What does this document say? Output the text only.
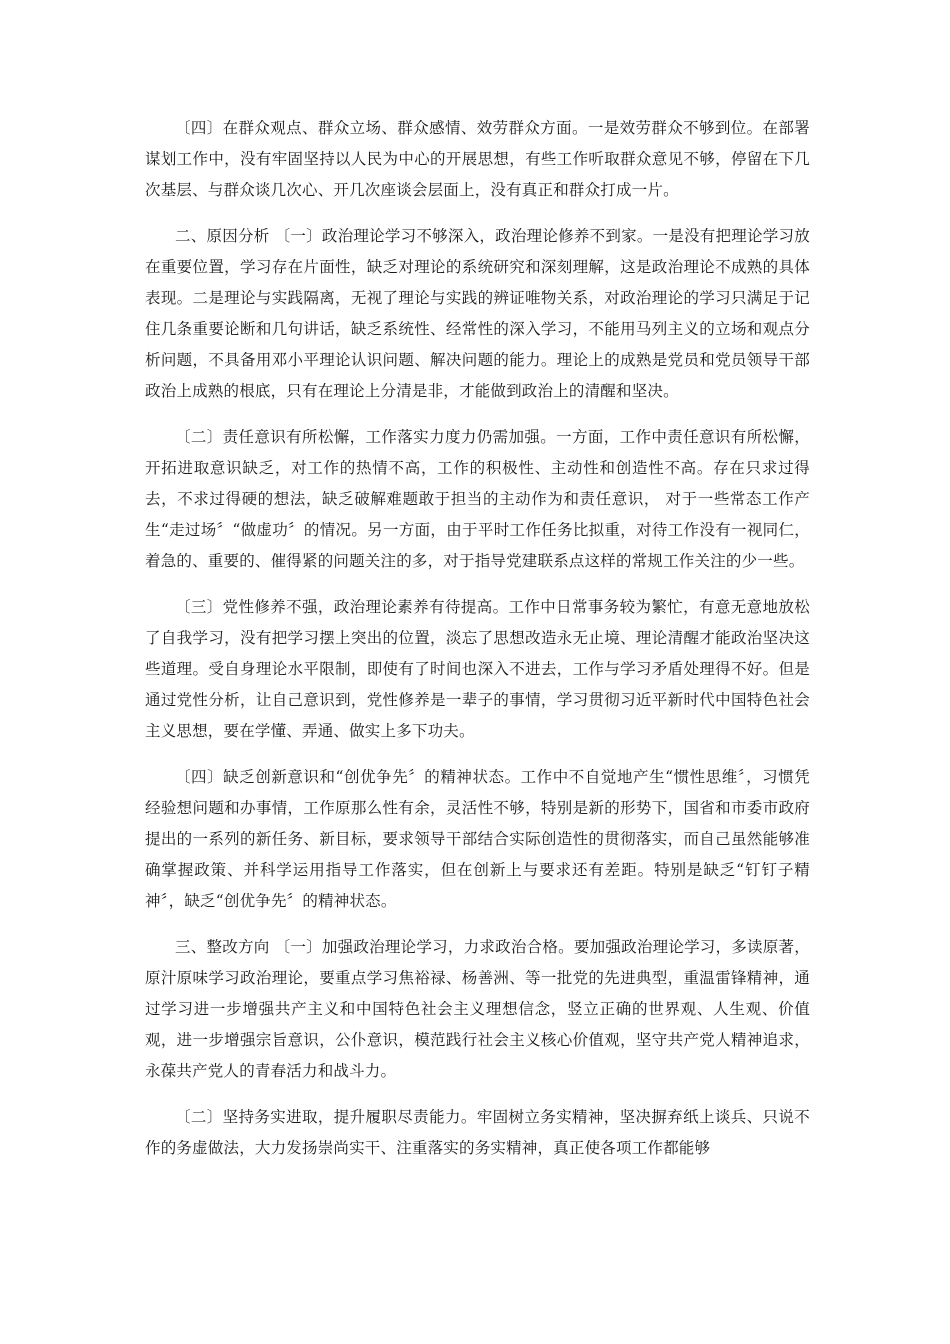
〔四〕在群众观点、群众立场、群众感情、效劳群众方面。一是效劳群众不够到位。在部署谋划工作中，没有牢固坚持以人民为中心的开展思想，有些工作听取群众意见不够，停留在下几次基层、与群众谈几次心、开几次座谈会层面上，没有真正和群众打成一片。

二、原因分析 〔一〕政治理论学习不够深入，政治理论修养不到家。一是没有把理论学习放在重要位置，学习存在片面性，缺乏对理论的系统研究和深刻理解，这是政治理论不成熟的具体表现。二是理论与实践隔离，无视了理论与实践的辨证唯物关系，对政治理论的学习只满足于记住几条重要论断和几句讲话，缺乏系统性、经常性的深入学习，不能用马列主义的立场和观点分析问题，不具备用邓小平理论认识问题、解决问题的能力。理论上的成熟是党员和党员领导干部政治上成熟的根底，只有在理论上分清是非，才能做到政治上的清醒和坚决。

〔二〕责任意识有所松懈，工作落实力度力仍需加强。一方面，工作中责任意识有所松懈，开拓进取意识缺乏，对工作的热情不高，工作的积极性、主动性和创造性不高。存在只求过得去，不求过得硬的想法，缺乏破解难题敢于担当的主动作为和责任意识， 对于一些常态工作产生“走过场〞“做虚功〞的情况。另一方面，由于平时工作任务比拟重，对待工作没有一视同仁，着急的、重要的、催得紧的问题关注的多，对于指导党建联系点这样的常规工作关注的少一些。

〔三〕党性修养不强，政治理论素养有待提高。工作中日常事务较为繁忙，有意无意地放松了自我学习，没有把学习摆上突出的位置，淡忘了思想改造永无止境、理论清醒才能政治坚决这些道理。受自身理论水平限制，即使有了时间也深入不进去，工作与学习矛盾处理得不好。但是通过党性分析，让自己意识到，党性修养是一辈子的事情，学习贯彻习近平新时代中国特色社会主义思想，要在学懂、弄通、做实上多下功夫。

〔四〕缺乏创新意识和“创优争先〞的精神状态。工作中不自觉地产生“惯性思维〞，习惯凭经验想问题和办事情，工作原那么性有余，灵活性不够，特别是新的形势下，国省和市委市政府提出的一系列的新任务、新目标，要求领导干部结合实际创造性的贯彻落实，而自己虽然能够准确掌握政策、并科学运用指导工作落实，但在创新上与要求还有差距。特别是缺乏“钉钉子精神〞，缺乏“创优争先〞的精神状态。

三、整改方向 〔一〕加强政治理论学习，力求政治合格。要加强政治理论学习，多读原著，原汁原味学习政治理论，要重点学习焦裕禄、杨善洲、等一批党的先进典型，重温雷锋精神，通过学习进一步增强共产主义和中国特色社会主义理想信念，竖立正确的世界观、人生观、价值观，进一步增强宗旨意识，公仆意识，模范践行社会主义核心价值观，坚守共产党人精神追求，永葆共产党人的青春活力和战斗力。

〔二〕坚持务实进取，提升履职尽责能力。牢固树立务实精神，坚决摒弃纸上谈兵、只说不作的务虚做法，大力发扬崇尚实干、注重落实的务实精神，真正使各项工作都能够
